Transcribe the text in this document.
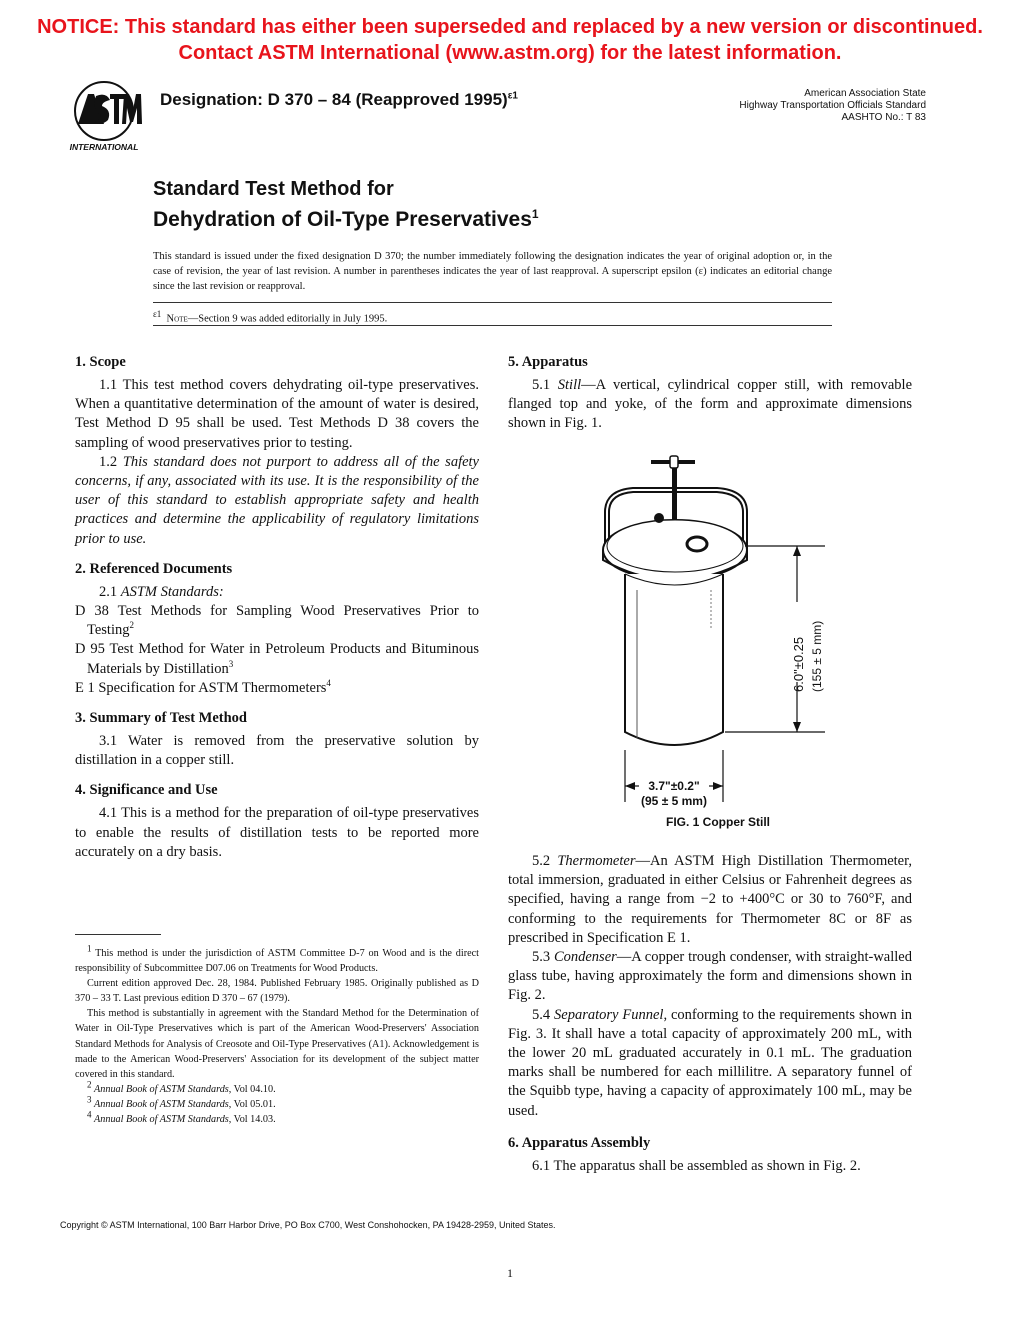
NOTICE: This standard has either been superseded and replaced by a new version or discontinued.
Contact ASTM International (www.astm.org) for the latest information.
INTERNATIONAL
Designation: D 370 – 84 (Reapproved 1995)$^{\varepsilon 1}$	American Association State
Highway Transportation Officials Standard
AASHTO No.: T 83
Standard Test Method for
Dehydration of Oil-Type Preservatives$^1$
This standard is issued under the fixed designation D 370; the number immediately following the designation indicates the year of original adoption or, in the case of revision, the year of last revision. A number in parentheses indicates the year of last reapproval. A superscript epsilon (ε) indicates an editorial change since the last revision or reapproval.
ε1 Note—Section 9 was added editorially in July 1995.
1. Scope

1.1 This test method covers dehydrating oil-type preservatives. When a quantitative determination of the amount of water is desired, Test Method D 95 shall be used. Test Methods D 38 covers the sampling of wood preservatives prior to testing.

1.2 This standard does not purport to address all of the safety concerns, if any, associated with its use. It is the responsibility of the user of this standard to establish appropriate safety and health practices and determine the applicability of regulatory limitations prior to use.

2. Referenced Documents

2.1 ASTM Standards:

D 38 Test Methods for Sampling Wood Preservatives Prior to Testing$^2$
D 95 Test Method for Water in Petroleum Products and Bituminous Materials by Distillation$^3$
E 1 Specification for ASTM Thermometers$^4$
3. Summary of Test Method

3.1 Water is removed from the preservative solution by distillation in a copper still.

4. Significance and Use

4.1 This is a method for the preparation of oil-type preservatives to enable the results of distillation tests to be reported more accurately on a dry basis.

5. Apparatus

5.1 Still—A vertical, cylindrical copper still, with removable flanged top and yoke, of the form and approximate dimensions shown in Fig. 1.

6.0"±0.25 (155 ± 5 mm)
3.7"±0.2"
(95 ± 5 mm)
FIG. 1 Copper Still

5.2 Thermometer—An ASTM High Distillation Thermometer, total immersion, graduated in either Celsius or Fahrenheit degrees as specified, having a range from −2 to +400°C or 30 to 760°F, and conforming to the requirements for Thermometer 8C or 8F as prescribed in Specification E 1.

5.3 Condenser—A copper trough condenser, with straight-walled glass tube, having approximately the form and dimensions shown in Fig. 2.

5.4 Separatory Funnel, conforming to the requirements shown in Fig. 3. It shall have a total capacity of approximately 200 mL, with the lower 20 mL graduated accurately in 0.1 mL. The graduation marks shall be numbered for each millilitre. A separatory funnel of the Squibb type, having a capacity of approximately 100 mL, may be used.

6. Apparatus Assembly

6.1 The apparatus shall be assembled as shown in Fig. 2.

$^1$ This method is under the jurisdiction of ASTM Committee D-7 on Wood and is the direct responsibility of Subcommittee D07.06 on Treatments for Wood Products.

Current edition approved Dec. 28, 1984. Published February 1985. Originally published as D 370 – 33 T. Last previous edition D 370 – 67 (1979).

This method is substantially in agreement with the Standard Method for the Determination of Water in Oil-Type Preservatives which is part of the American Wood-Preservers' Association Standard Methods for Analysis of Creosote and Oil-Type Preservatives (A1). Acknowledgement is made to the American Wood-Preservers' Association for its development of the subject matter covered in this standard.

$^2$ Annual Book of ASTM Standards, Vol 04.10.

$^3$ Annual Book of ASTM Standards, Vol 05.01.

$^4$ Annual Book of ASTM Standards, Vol 14.03.

Copyright © ASTM International, 100 Barr Harbor Drive, PO Box C700, West Conshohocken, PA 19428-2959, United States.
1
